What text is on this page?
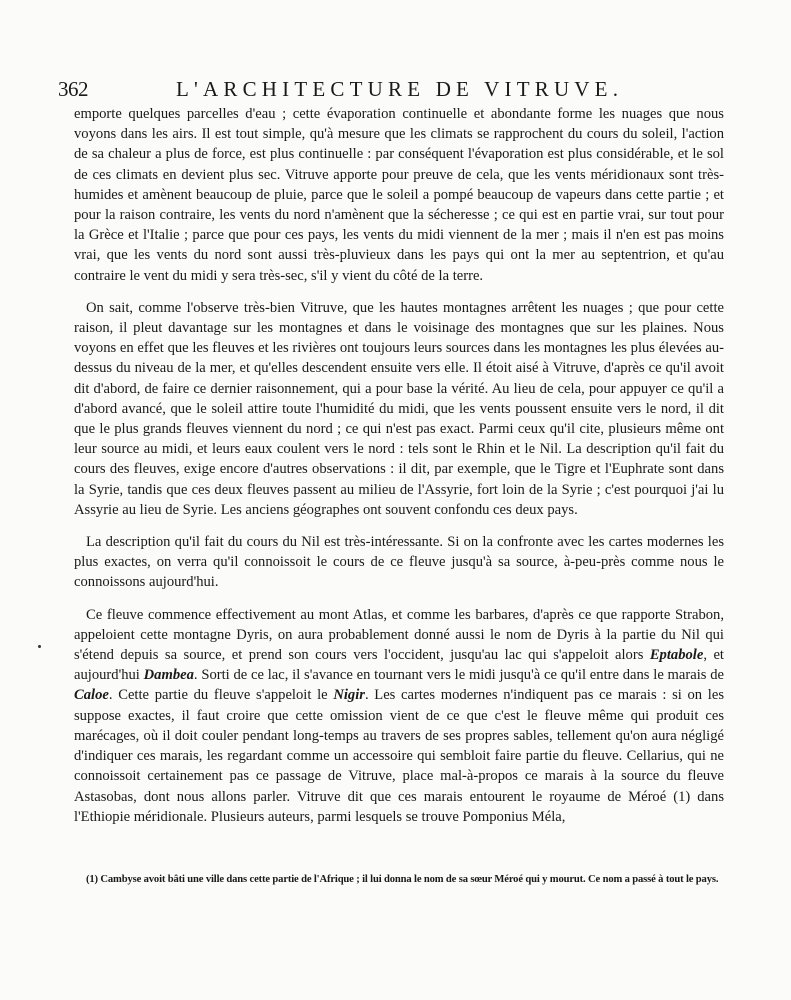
362	L'ARCHITECTURE DE VITRUVE.

emporte quelques parcelles d'eau ; cette évaporation continuelle et abondante forme les nuages que nous voyons dans les airs. Il est tout simple, qu'à mesure que les climats se rapprochent du cours du soleil, l'action de sa chaleur a plus de force, est plus continuelle : par conséquent l'évaporation est plus considérable, et le sol de ces climats en devient plus sec. Vitruve apporte pour preuve de cela, que les vents méridionaux sont très-humides et amènent beaucoup de pluie, parce que le soleil a pompé beaucoup de vapeurs dans cette partie ; et pour la raison contraire, les vents du nord n'amènent que la sécheresse ; ce qui est en partie vrai, sur tout pour la Grèce et l'Italie ; parce que pour ces pays, les vents du midi viennent de la mer ; mais il n'en est pas moins vrai, que les vents du nord sont aussi très-pluvieux dans les pays qui ont la mer au septentrion, et qu'au contraire le vent du midi y sera très-sec, s'il y vient du côté de la terre.

On sait, comme l'observe très-bien Vitruve, que les hautes montagnes arrêtent les nuages ; que pour cette raison, il pleut davantage sur les montagnes et dans le voisinage des montagnes que sur les plaines. Nous voyons en effet que les fleuves et les rivières ont toujours leurs sources dans les montagnes les plus élevées au-dessus du niveau de la mer, et qu'elles descendent ensuite vers elle. Il étoit aisé à Vitruve, d'après ce qu'il avoit dit d'abord, de faire ce dernier raisonnement, qui a pour base la vérité. Au lieu de cela, pour appuyer ce qu'il a d'abord avancé, que le soleil attire toute l'humidité du midi, que les vents poussent ensuite vers le nord, il dit que le plus grands fleuves viennent du nord ; ce qui n'est pas exact. Parmi ceux qu'il cite, plusieurs même ont leur source au midi, et leurs eaux coulent vers le nord : tels sont le Rhin et le Nil. La description qu'il fait du cours des fleuves, exige encore d'autres observations : il dit, par exemple, que le Tigre et l'Euphrate sont dans la Syrie, tandis que ces deux fleuves passent au milieu de l'Assyrie, fort loin de la Syrie ; c'est pourquoi j'ai lu Assyrie au lieu de Syrie. Les anciens géographes ont souvent confondu ces deux pays.

La description qu'il fait du cours du Nil est très-intéressante. Si on la confronte avec les cartes modernes les plus exactes, on verra qu'il connoissoit le cours de ce fleuve jusqu'à sa source, à-peu-près comme nous le connoissons aujourd'hui.

Ce fleuve commence effectivement au mont Atlas, et comme les barbares, d'après ce que rapporte Strabon, appeloient cette montagne Dyris, on aura probablement donné aussi le nom de Dyris à la partie du Nil qui s'étend depuis sa source, et prend son cours vers l'occident, jusqu'au lac qui s'appeloit alors Eptabole, et aujourd'hui Dambea. Sorti de ce lac, il s'avance en tournant vers le midi jusqu'à ce qu'il entre dans le marais de Caloe. Cette partie du fleuve s'appeloit le Nigir. Les cartes modernes n'indiquent pas ce marais : si on les suppose exactes, il faut croire que cette omission vient de ce que c'est le fleuve même qui produit ces marécages, où il doit couler pendant long-temps au travers de ses propres sables, tellement qu'on aura négligé d'indiquer ces marais, les regardant comme un accessoire qui sembloit faire partie du fleuve. Cellarius, qui ne connoissoit certainement pas ce passage de Vitruve, place mal-à-propos ce marais à la source du fleuve Astasobas, dont nous allons parler. Vitruve dit que ces marais entourent le royaume de Méroé (1) dans l'Ethiopie méridionale. Plusieurs auteurs, parmi lesquels se trouve Pomponius Méla,

(1) Cambyse avoit bâti une ville dans cette partie de l'Afrique ; il lui donna le nom de sa sœur Méroé qui y mourut. Ce nom a passé à tout le pays.
